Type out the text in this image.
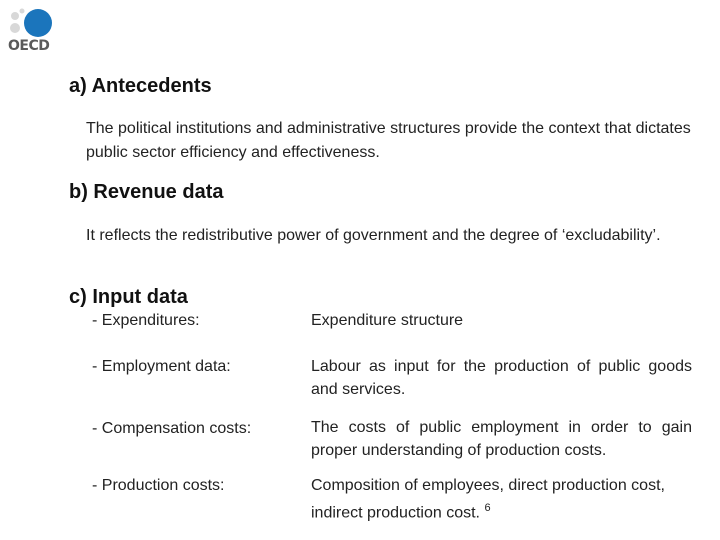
OECD
a) Antecedents
The political institutions and administrative structures provide the context that dictates public sector efficiency and effectiveness.
b) Revenue data
It reflects the redistributive power of government and the degree of ‘excludability’.
c) Input data
- Expenditures:	Expenditure structure
- Employment data:	Labour as input for the production of public goods and services.
- Compensation costs:	The costs of public employment in order to gain proper understanding of production costs.
- Production costs:	Composition of employees, direct production cost, indirect production cost. $^6$
